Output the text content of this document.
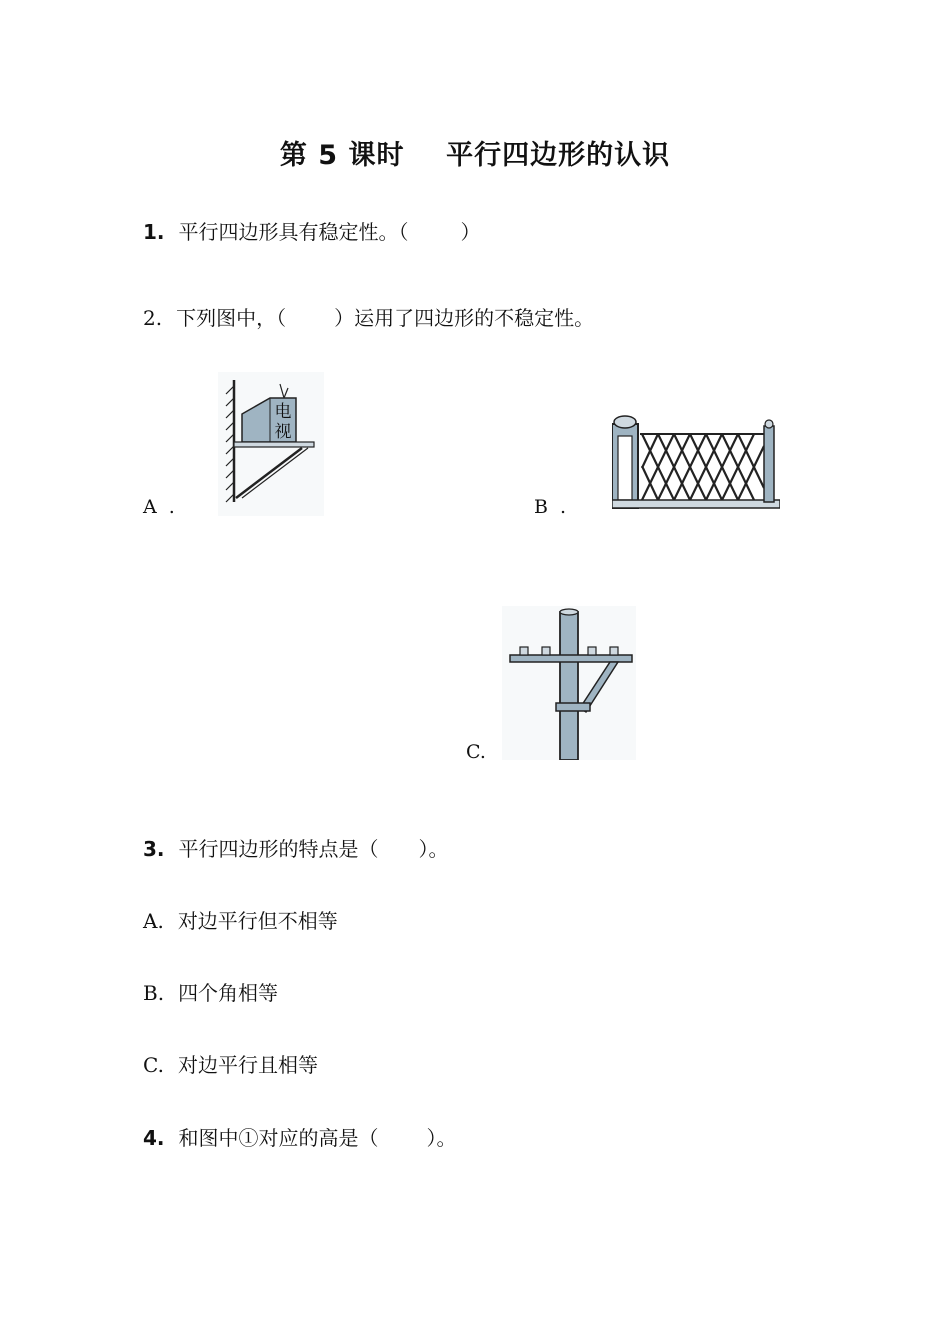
第 5 课时    平行四边形的认识
1. 平行四边形具有稳定性。（	）
2. 下列图中，（ ）运用了四边形的不稳定性。
A  .
电
视
B  .
C.
3. 平行四边形的特点是（ ）。
A. 对边平行但不相等
B. 四个角相等
C. 对边平行且相等
4. 和图中①对应的高是（ ）。
